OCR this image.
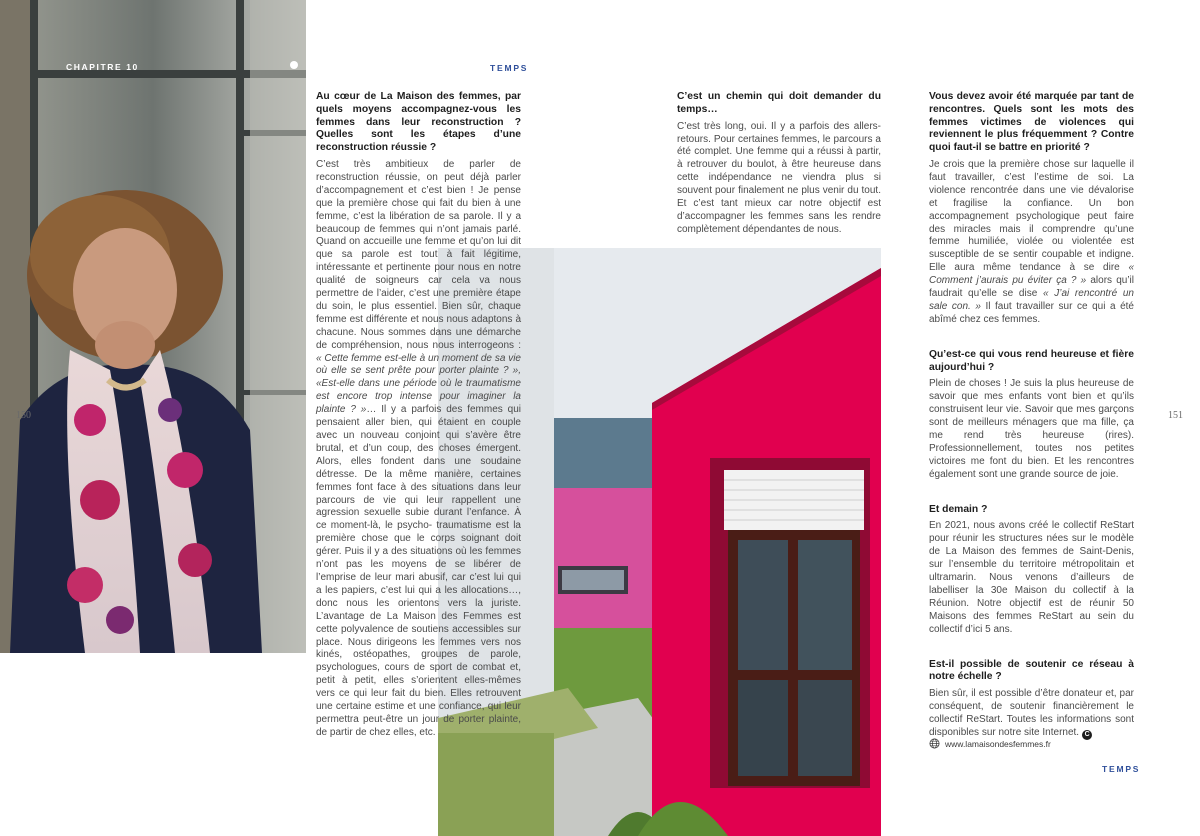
CHAPITRE 10	TEMPS
150	151

Au cœur de La Maison des femmes, par quels moyens accompagnez-vous les femmes dans leur reconstruction ? Quelles sont les étapes d’une reconstruction réussie ?

C’est très ambitieux de parler de reconstruction réussie, on peut déjà parler d’accompagnement et c’est bien ! Je pense que la première chose qui fait du bien à une femme, c’est la libération de sa parole. Il y a beaucoup de femmes qui n’ont jamais parlé. Quand on accueille une femme et qu’on lui dit que sa parole est tout à fait légitime, intéressante et pertinente pour nous en notre qualité de soigneurs car cela va nous permettre de l’aider, c’est une première étape du soin, le plus essentiel. Bien sûr, chaque femme est différente et nous nous adaptons à chacune. Nous sommes dans une démarche de compréhension, nous nous interrogeons : « Cette femme est-elle à un moment de sa vie où elle se sent prête pour porter plainte ? », «Est-elle dans une période où le traumatisme est encore trop intense pour imaginer la plainte ? »… Il y a parfois des femmes qui pensaient aller bien, qui étaient en couple avec un nouveau conjoint qui s’avère être brutal, et d’un coup, des choses émergent. Alors, elles fondent dans une soudaine détresse. De la même manière, certaines femmes font face à des situations dans leur parcours de vie qui leur rappellent une agression sexuelle subie durant l’enfance. À ce moment-là, le psycho- traumatisme est la première chose que le corps soignant doit gérer. Puis il y a des situations où les femmes n’ont pas les moyens de se libérer de l’emprise de leur mari abusif, car c’est lui qui a les papiers, c’est lui qui a les allocations…, donc nous les orientons vers la juriste. L’avantage de La Maison des Femmes est cette polyvalence de soutiens accessibles sur place. Nous dirigeons les femmes vers nos kinés, ostéopathes, groupes de parole, psychologues, cours de sport de combat et, petit à petit, elles s’orientent elles-mêmes vers ce qui leur fait du bien. Elles retrouvent une certaine estime et une confiance, qui leur permettra peut-être un jour de porter plainte, de partir de chez elles, etc.

C’est un chemin qui doit demander du temps…

C’est très long, oui. Il y a parfois des allers-retours. Pour certaines femmes, le parcours a été complet. Une femme qui a réussi à partir, à retrouver du boulot, à être heureuse dans cette indépendance ne viendra plus si souvent pour finalement ne plus venir du tout. Et c’est tant mieux car notre objectif est d’accompagner les femmes sans les rendre complètement dépendantes de nous.

Vous devez avoir été marquée par tant de rencontres. Quels sont les mots des femmes victimes de violences qui reviennent le plus fréquemment ? Contre quoi faut-il se battre en priorité ?

Je crois que la première chose sur laquelle il faut travailler, c’est l’estime de soi. La violence rencontrée dans une vie dévalorise et fragilise la confiance. Un bon accompagnement psychologique peut faire des miracles mais il comprendre qu’une femme humiliée, violée ou violentée est susceptible de se sentir coupable et indigne. Elle aura même tendance à se dire « Comment j’aurais pu éviter ça ? » alors qu’il faudrait qu’elle se dise « J’ai rencontré un sale con. » Il faut travailler sur ce qui a été abîmé chez ces femmes.

Qu’est-ce qui vous rend heureuse et fière aujourd’hui ?

Plein de choses ! Je suis la plus heureuse de savoir que mes enfants vont bien et qu’ils construisent leur vie. Savoir que mes garçons sont de meilleurs ménagers que ma fille, ça me rend très heureuse (rires). Professionnellement, toutes nos petites victoires me font du bien. Et les rencontres également sont une grande source de joie.

Et demain ?

En 2021, nous avons créé le collectif ReStart pour réunir les structures nées sur le modèle de La Maison des femmes de Saint-Denis, sur l’ensemble du territoire métropolitain et ultramarin. Nous venons d’ailleurs de labelliser la 30e Maison du collectif à la Réunion. Notre objectif est de réunir 50 Maisons des femmes ReStart au sein du collectif d’ici 5 ans.

Est-il possible de soutenir ce réseau à notre échelle ?

Bien sûr, il est possible d’être donateur et, par conséquent, de soutenir financièrement le collectif ReStart. Toutes les informations sont disponibles sur notre site Internet. C

www.lamaisondesfemmes.fr
TEMPS
